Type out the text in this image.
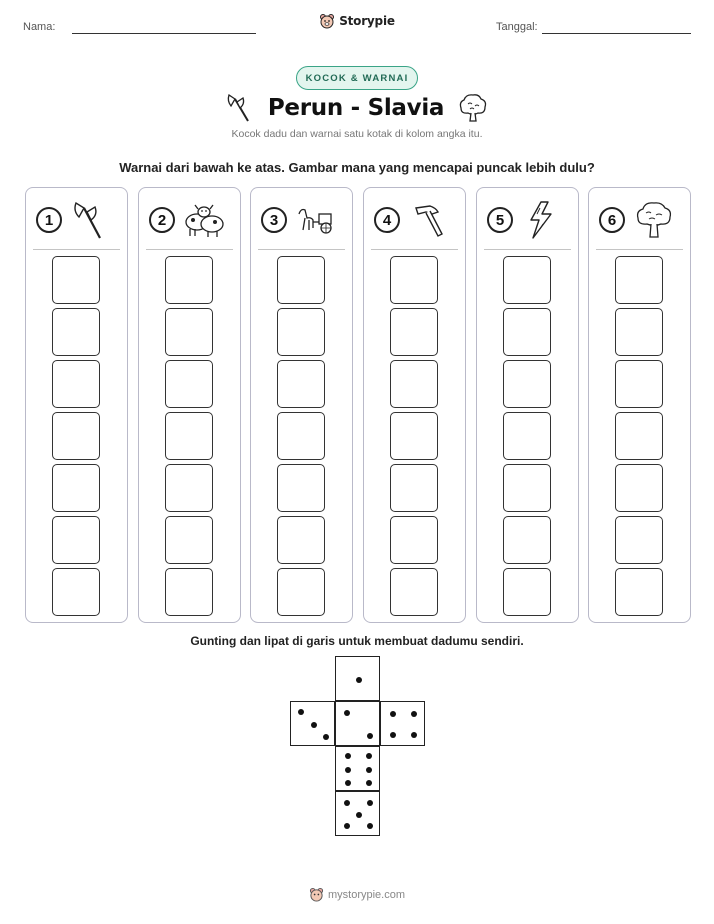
Nama:	Storypie	Tanggal:
KOCOK & WARNAI
Perun - Slavia
Kocok dadu dan warnai satu kotak di kolom angka itu.
Warnai dari bawah ke atas. Gambar mana yang mencapai puncak lebih dulu?
1	2	3	4	5	6
Gunting dan lipat di garis untuk membuat dadumu sendiri.
mystorypie.com
